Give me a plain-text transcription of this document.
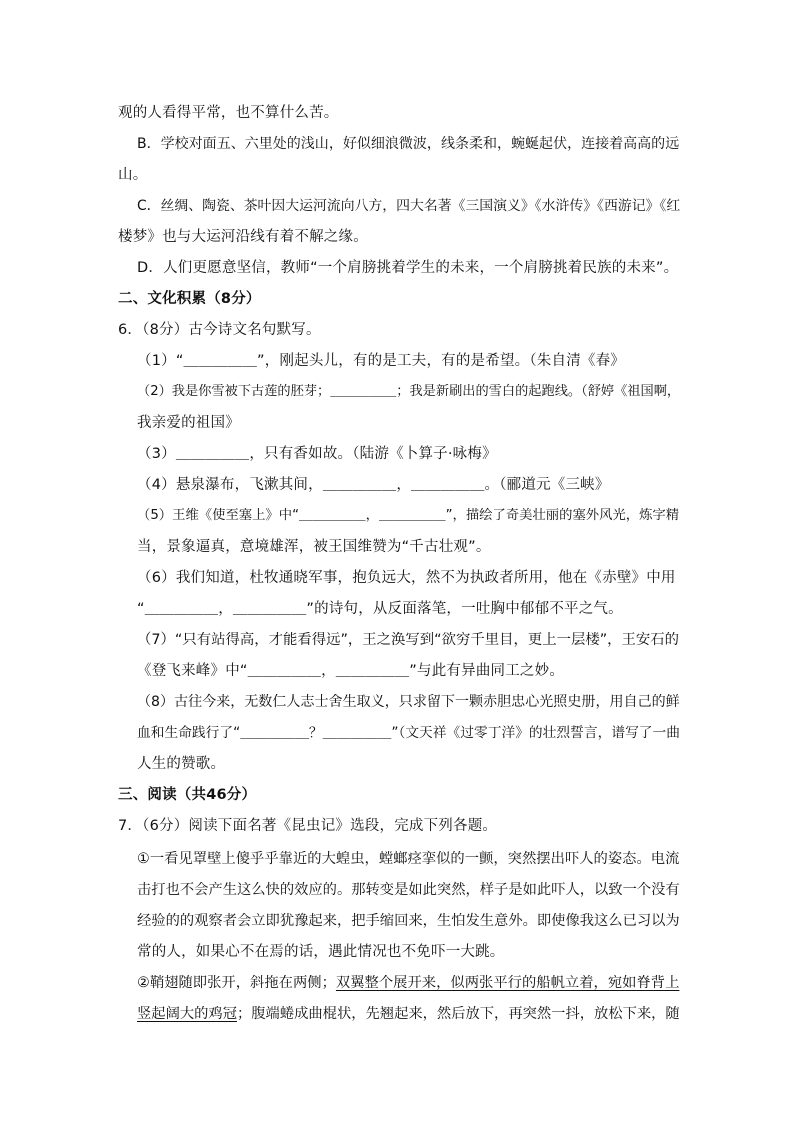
观的人看得平常，也不算什么苦。
B．学校对面五、六里处的浅山，好似细浪微波，线条柔和，蜿蜒起伏，连接着高高的远
山。
C．丝绸、陶瓷、茶叶因大运河流向八方，四大名著《三国演义》《水浒传》《西游记》《红
楼梦》也与大运河沿线有着不解之缘。
D．人们更愿意坚信，教师“一个肩膀挑着学生的未来，一个肩膀挑着民族的未来”。
二、文化积累（8分）
6．（8分）古今诗文名句默写。
（1）“＿＿＿＿＿”，刚起头儿，有的是工夫，有的是希望。（朱自清《春》
（2）我是你雪被下古莲的胚芽；＿＿＿＿＿；我是新刷出的雪白的起跑线。（舒婷《祖国啊，
我亲爱的祖国》
（3）＿＿＿＿＿，只有香如故。（陆游《卜算子·咏梅》
（4）悬泉瀑布，飞漱其间，＿＿＿＿＿，＿＿＿＿＿。（郦道元《三峡》
（5）王维《使至塞上》中“＿＿＿＿＿，＿＿＿＿＿”，描绘了奇美壮丽的塞外风光，炼字精
当，景象逼真，意境雄浑，被王国维赞为“千古壮观”。
（6）我们知道，杜牧通晓军事，抱负远大，然不为执政者所用，他在《赤壁》中用
“＿＿＿＿＿，＿＿＿＿＿”的诗句，从反面落笔，一吐胸中郁郁不平之气。
（7）“只有站得高，才能看得远”，王之涣写到“欲穷千里目，更上一层楼”，王安石的
《登飞来峰》中“＿＿＿＿＿，＿＿＿＿＿”与此有异曲同工之妙。
（8）古往今来，无数仁人志士舍生取义，只求留下一颗赤胆忠心光照史册，用自己的鲜
血和生命践行了“＿＿＿＿＿？＿＿＿＿＿”（文天祥《过零丁洋》的壮烈誓言，谱写了一曲
人生的赞歌。
三、阅读（共46分）
7．（6分）阅读下面名著《昆虫记》选段，完成下列各题。
①一看见罩壁上傻乎乎靠近的大蝗虫，螳螂痉挛似的一颤，突然摆出吓人的姿态。电流
击打也不会产生这么快的效应的。那转变是如此突然，样子是如此吓人，以致一个没有
经验的的观察者会立即犹豫起来，把手缩回来，生怕发生意外。即使像我这么已习以为
常的人，如果心不在焉的话，遇此情况也不免吓一大跳。
②鞘翅随即张开，斜拖在两侧；双翼整个展开来，似两张平行的船帆立着，宛如脊背上
竖起阔大的鸡冠；腹端蜷成曲棍状，先翘起来，然后放下，再突然一抖，放松下来，随
